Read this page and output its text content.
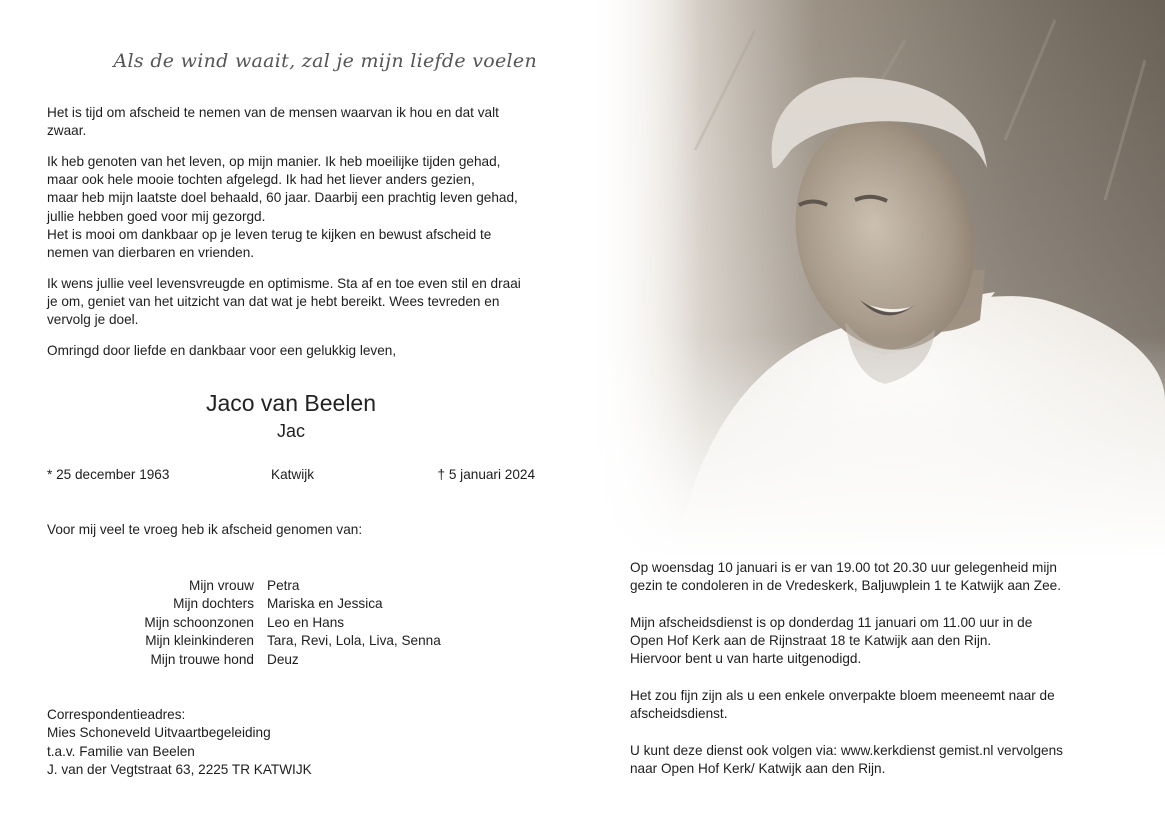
Als de wind waait, zal je mijn liefde voelen

Het is tijd om afscheid te nemen van de mensen waarvan ik hou en dat valt
zwaar.

Ik heb genoten van het leven, op mijn manier. Ik heb moeilijke tijden gehad,
maar ook hele mooie tochten afgelegd. Ik had het liever anders gezien,
maar heb mijn laatste doel behaald, 60 jaar. Daarbij een prachtig leven gehad,
jullie hebben goed voor mij gezorgd.
Het is mooi om dankbaar op je leven terug te kijken en bewust afscheid te
nemen van dierbaren en vrienden.

Ik wens jullie veel levensvreugde en optimisme. Sta af en toe even stil en draai
je om, geniet van het uitzicht van dat wat je hebt bereikt. Wees tevreden en
vervolg je doel.

Omringd door liefde en dankbaar voor een gelukkig leven,

Jaco van Beelen
Jac
* 25 december 1963	Katwijk	† 5 januari 2024
Voor mij veel te vroeg heb ik afscheid genomen van:
Mijn vrouw Petra
Mijn dochters Mariska en Jessica
Mijn schoonzonen Leo en Hans
Mijn kleinkinderen Tara, Revi, Lola, Liva, Senna
Mijn trouwe hond Deuz
Correspondentieadres:
Mies Schoneveld Uitvaartbegeleiding
t.a.v. Familie van Beelen
J. van der Vegtstraat 63, 2225 TR KATWIJK

Op woensdag 10 januari is er van 19.00 tot 20.30 uur gelegenheid mijn
gezin te condoleren in de Vredeskerk, Baljuwplein 1 te Katwijk aan Zee.

Mijn afscheidsdienst is op donderdag 11 januari om 11.00 uur in de
Open Hof Kerk aan de Rijnstraat 18 te Katwijk aan den Rijn.
Hiervoor bent u van harte uitgenodigd.

Het zou fijn zijn als u een enkele onverpakte bloem meeneemt naar de
afscheidsdienst.

U kunt deze dienst ook volgen via: www.kerkdienst gemist.nl vervolgens
naar Open Hof Kerk/ Katwijk aan den Rijn.
